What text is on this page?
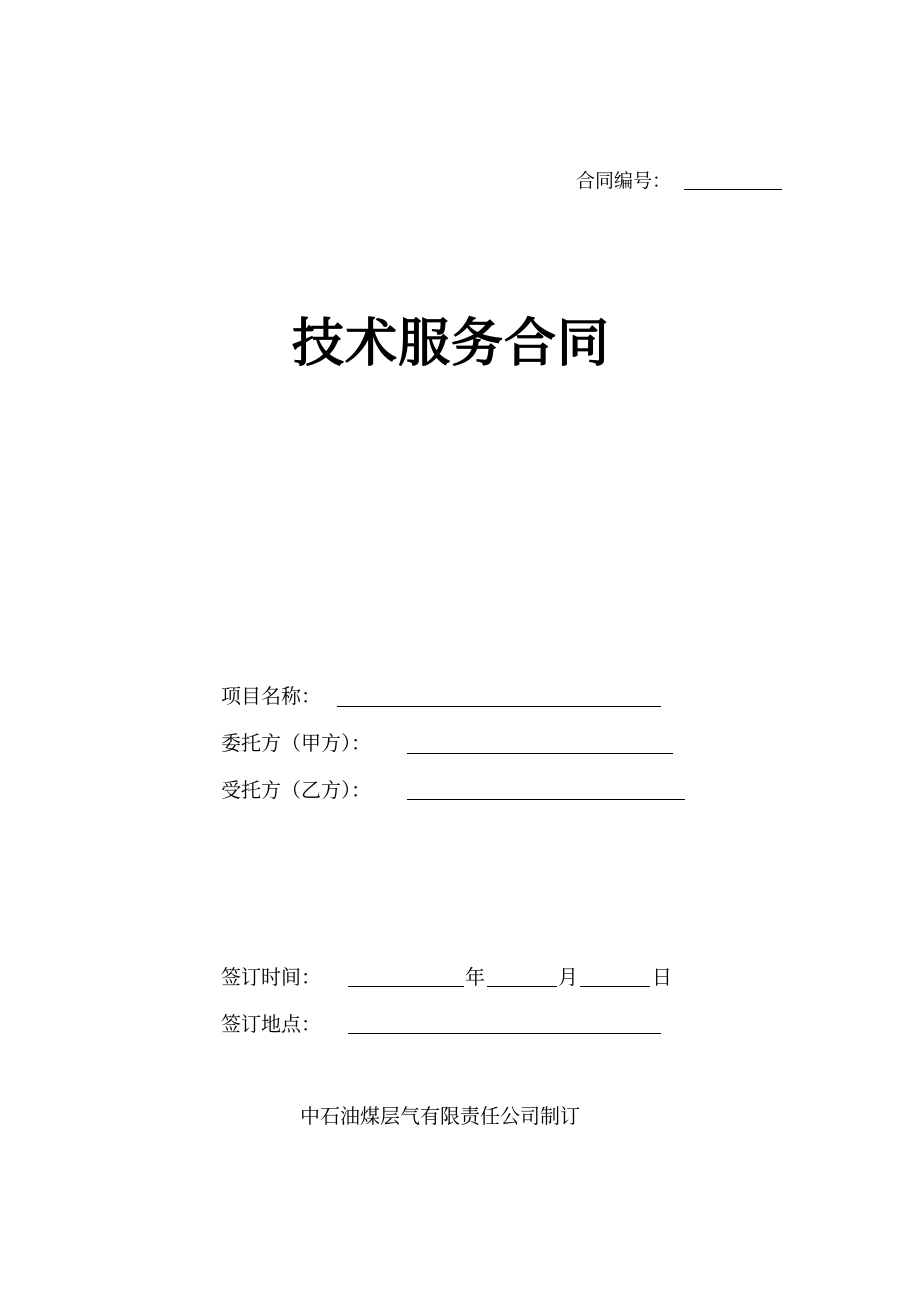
合同编号：
技术服务合同
项目名称：
委托方（甲方）：
受托方（乙方）：
签订时间：	年	月	日
签订地点：
中石油煤层气有限责任公司制订
